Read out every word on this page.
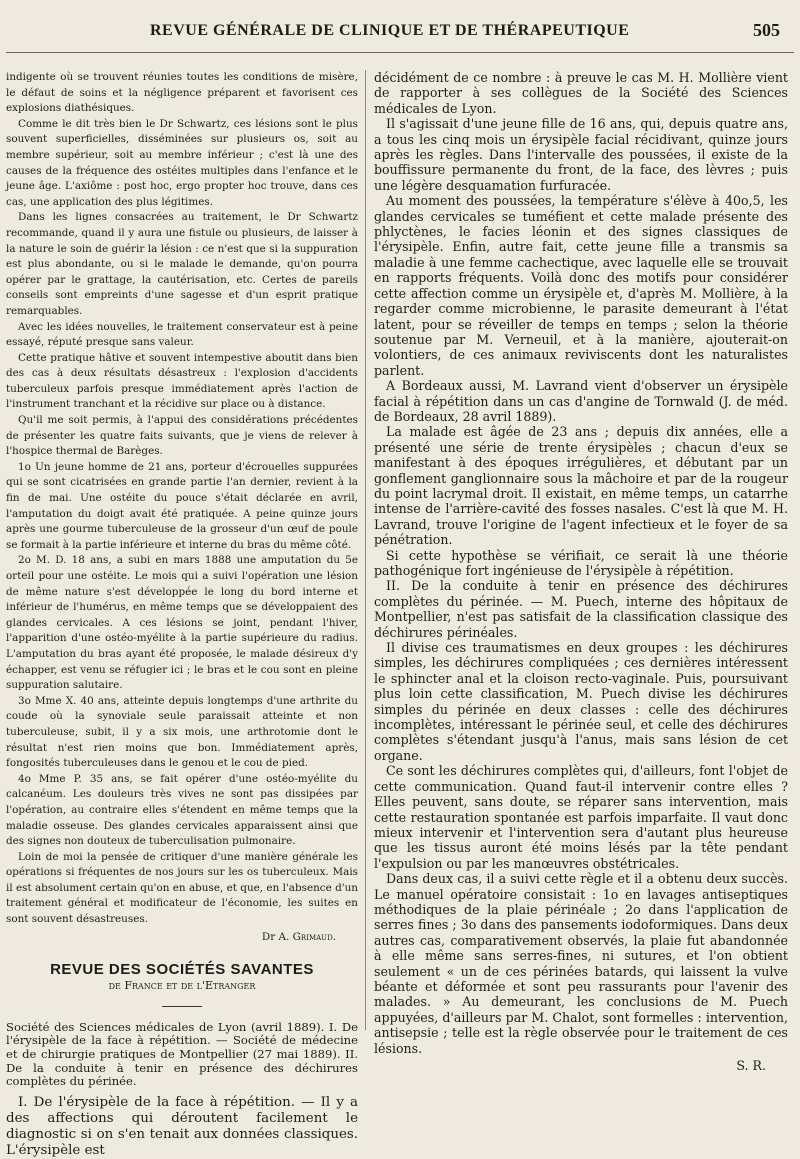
REVUE GÉNÉRALE DE CLINIQUE ET DE THÉRAPEUTIQUE	505

indigente où se trouvent réunies toutes les conditions de misère, le défaut de soins et la négligence préparent et favorisent ces explosions diathésiques.

Comme le dit très bien le Dr Schwartz, ces lésions sont le plus souvent superficielles, disséminées sur plusieurs os, soit au membre supérieur, soit au membre inférieur ; c'est là une des causes de la fréquence des ostéites multiples dans l'enfance et le jeune âge. L'axiôme : post hoc, ergo propter hoc trouve, dans ces cas, une application des plus légitimes.

Dans les lignes consacrées au traitement, le Dr Schwartz recommande, quand il y aura une fistule ou plusieurs, de laisser à la nature le soin de guérir la lésion : ce n'est que si la suppuration est plus abondante, ou si le malade le demande, qu'on pourra opérer par le grattage, la cautérisation, etc. Certes de pareils conseils sont empreints d'une sagesse et d'un esprit pratique remarquables.

Avec les idées nouvelles, le traitement conservateur est à peine essayé, réputé presque sans valeur.

Cette pratique hâtive et souvent intempestive aboutit dans bien des cas à deux résultats désastreux : l'explosion d'accidents tuberculeux parfois presque immédiatement après l'action de l'instrument tranchant et la récidive sur place ou à distance.

Qu'il me soit permis, à l'appui des considérations précédentes de présenter les quatre faits suivants, que je viens de relever à l'hospice thermal de Barèges.

1o Un jeune homme de 21 ans, porteur d'écrouelles suppurées qui se sont cicatrisées en grande partie l'an dernier, revient à la fin de mai. Une ostéite du pouce s'était déclarée en avril, l'amputation du doigt avait été pratiquée. A peine quinze jours après une gourme tuberculeuse de la grosseur d'un œuf de poule se formait à la partie inférieure et interne du bras du même côté.

2o M. D. 18 ans, a subi en mars 1888 une amputation du 5e orteil pour une ostéite. Le mois qui a suivi l'opération une lésion de même nature s'est développée le long du bord interne et inférieur de l'humérus, en même temps que se développaient des glandes cervicales. A ces lésions se joint, pendant l'hiver, l'apparition d'une ostéo-myélite à la partie supérieure du radius. L'amputation du bras ayant été proposée, le malade désireux d'y échapper, est venu se réfugier ici ; le bras et le cou sont en pleine suppuration salutaire.

3o Mme X. 40 ans, atteinte depuis longtemps d'une arthrite du coude où la synoviale seule paraissait atteinte et non tuberculeuse, subit, il y a six mois, une arthrotomie dont le résultat n'est rien moins que bon. Immédiatement après, fongosités tuberculeuses dans le genou et le cou de pied.

4o Mme P. 35 ans, se fait opérer d'une ostéo-myélite du calcanéum. Les douleurs très vives ne sont pas dissipées par l'opération, au contraire elles s'étendent en même temps que la maladie osseuse. Des glandes cervicales apparaissent ainsi que des signes non douteux de tuberculisation pulmonaire.

Loin de moi la pensée de critiquer d'une manière générale les opérations si fréquentes de nos jours sur les os tuberculeux. Mais il est absolument certain qu'on en abuse, et que, en l'absence d'un traitement général et modificateur de l'économie, les suites en sont souvent désastreuses.

Dr A. Grimaud.
REVUE DES SOCIÉTÉS SAVANTES
de France et de l'Etranger

Société des Sciences médicales de Lyon (avril 1889). I. De l'érysipèle de la face à répétition. — Société de médecine et de chirurgie pratiques de Montpellier (27 mai 1889). II. De la conduite à tenir en présence des déchirures complètes du périnée.

I. De l'érysipèle de la face à répétition. — Il y a des affections qui déroutent facilement le diagnostic si on s'en tenait aux données classiques. L'érysipèle est

décidément de ce nombre : à preuve le cas M. H. Mollière vient de rapporter à ses collègues de la Société des Sciences médicales de Lyon.

Il s'agissait d'une jeune fille de 16 ans, qui, depuis quatre ans, a tous les cinq mois un érysipèle facial récidivant, quinze jours après les règles. Dans l'intervalle des poussées, il existe de la bouffissure permanente du front, de la face, des lèvres ; puis une légère desquamation furfuracée.

Au moment des poussées, la température s'élève à 40o,5, les glandes cervicales se tuméfient et cette malade présente des phlyctènes, le facies léonin et des signes classiques de l'érysipèle. Enfin, autre fait, cette jeune fille a transmis sa maladie à une femme cachectique, avec laquelle elle se trouvait en rapports fréquents. Voilà donc des motifs pour considérer cette affection comme un érysipèle et, d'après M. Mollière, à la regarder comme microbienne, le parasite demeurant à l'état latent, pour se réveiller de temps en temps ; selon la théorie soutenue par M. Verneuil, et à la manière, ajouterait-on volontiers, de ces animaux reviviscents dont les naturalistes parlent.

A Bordeaux aussi, M. Lavrand vient d'observer un érysipèle facial à répétition dans un cas d'angine de Tornwald (J. de méd. de Bordeaux, 28 avril 1889).

La malade est âgée de 23 ans ; depuis dix années, elle a présenté une série de trente érysipèles ; chacun d'eux se manifestant à des époques irrégulières, et débutant par un gonflement ganglionnaire sous la mâchoire et par de la rougeur du point lacrymal droit. Il existait, en même temps, un catarrhe intense de l'arrière-cavité des fosses nasales. C'est là que M. H. Lavrand, trouve l'origine de l'agent infectieux et le foyer de sa pénétration.

Si cette hypothèse se vérifiait, ce serait là une théorie pathogénique fort ingénieuse de l'érysipèle à répétition.

II. De la conduite à tenir en présence des déchirures complètes du périnée. — M. Puech, interne des hôpitaux de Montpellier, n'est pas satisfait de la classification classique des déchirures périnéales.

Il divise ces traumatismes en deux groupes : les déchirures simples, les déchirures compliquées ; ces dernières intéressent le sphincter anal et la cloison recto-vaginale. Puis, poursuivant plus loin cette classification, M. Puech divise les déchirures simples du périnée en deux classes : celle des déchirures incomplètes, intéressant le périnée seul, et celle des déchirures complètes s'étendant jusqu'à l'anus, mais sans lésion de cet organe.

Ce sont les déchirures complètes qui, d'ailleurs, font l'objet de cette communication. Quand faut-il intervenir contre elles ? Elles peuvent, sans doute, se réparer sans intervention, mais cette restauration spontanée est parfois imparfaite. Il vaut donc mieux intervenir et l'intervention sera d'autant plus heureuse que les tissus auront été moins lésés par la tête pendant l'expulsion ou par les manœuvres obstétricales.

Dans deux cas, il a suivi cette règle et il a obtenu deux succès. Le manuel opératoire consistait : 1o en lavages antiseptiques méthodiques de la plaie périnéale ; 2o dans l'application de serres fines ; 3o dans des pansements iodoformiques. Dans deux autres cas, comparativement observés, la plaie fut abandonnée à elle même sans serres-fines, ni sutures, et l'on obtient seulement « un de ces périnées batards, qui laissent la vulve béante et déformée et sont peu rassurants pour l'avenir des malades. » Au demeurant, les conclusions de M. Puech appuyées, d'ailleurs par M. Chalot, sont formelles : intervention, antisepsie ; telle est la règle observée pour le traitement de ces lésions.

S. R.
